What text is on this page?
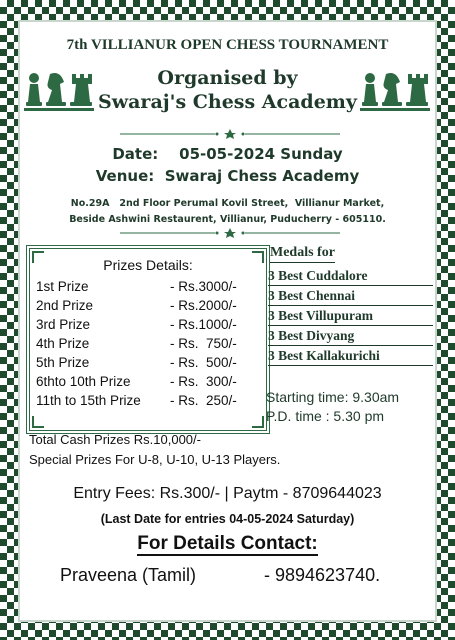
7th VILLIANUR OPEN CHESS TOURNAMENT
Organised by
Swaraj's Chess Academy
Date: 05-05-2024 Sunday
Venue: Swaraj Chess Academy
No.29A   2nd Floor Perumal Kovil Street,  Villianur Market,
Beside Ashwini Restaurent, Villianur, Puducherry - 605110.
Prizes Details:
1st Prize	- Rs.3000/-
2nd Prize	- Rs.2000/-
3rd Prize	- Rs.1000/-
4th Prize	- Rs.  750/-
5th Prize	- Rs.  500/-
6thto 10th Prize	- Rs.  300/-
11th to 15th Prize - Rs.  250/-
Medals for
3 Best Cuddalore
3 Best Chennai
3 Best Villupuram
3 Best Divyang
3 Best Kallakurichi
Starting time: 9.30am
P.D. time : 5.30 pm
Total Cash Prizes Rs.10,000/-
Special Prizes For U-8, U-10, U-13 Players.
Entry Fees: Rs.300/- | Paytm - 8709644023
(Last Date for entries 04-05-2024 Saturday)
For Details Contact:
Praveena (Tamil)	- 9894623740.
